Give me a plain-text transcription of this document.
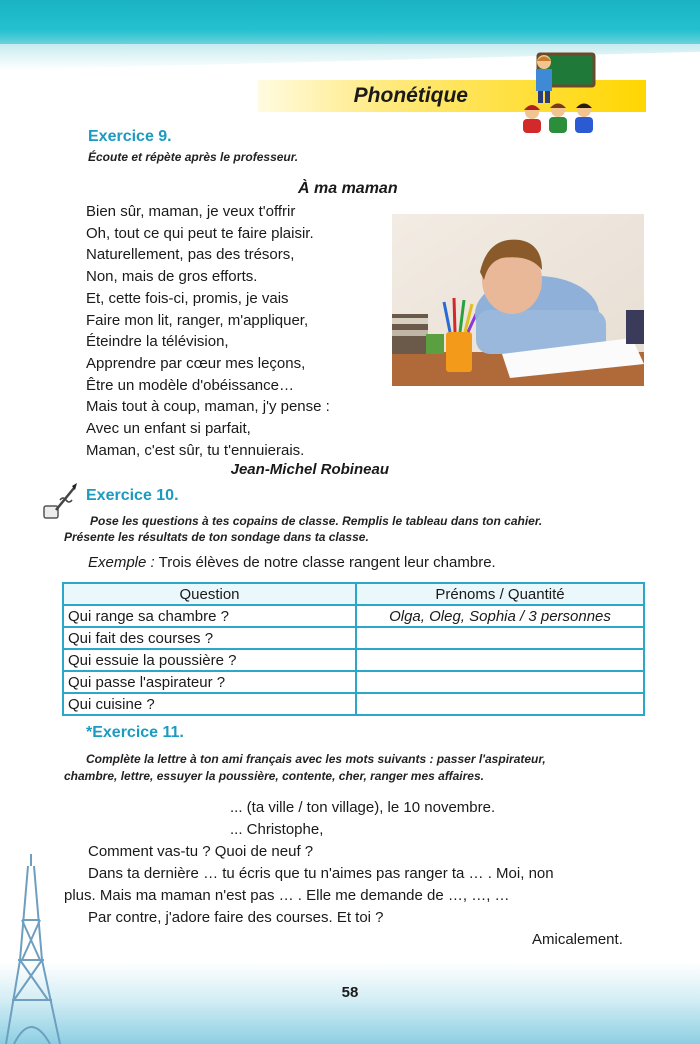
Phonétique
Exercice 9.
Écoute et répète après le professeur.
À ma maman
Bien sûr, maman, je veux t'offrir
Oh, tout ce qui peut te faire plaisir.
Naturellement, pas des trésors,
Non, mais de gros efforts.
Et, cette fois-ci, promis, je vais
Faire mon lit, ranger, m'appliquer,
Éteindre la télévision,
Apprendre par cœur mes leçons,
Être un modèle d'obéissance…
Mais tout à coup, maman, j'y pense :
Avec un enfant si parfait,
Maman, c'est sûr, tu t'ennuierais.
Jean-Michel Robineau
Exercice 10.
Pose les questions à tes copains de classe. Remplis le tableau dans ton cahier.
Présente les résultats de ton sondage dans ta classe.
Exemple : Trois élèves de notre classe rangent leur chambre.
Question	Prénoms / Quantité
Qui range sa chambre ?	Olga, Oleg, Sophia / 3 personnes
Qui fait des courses ?	
Qui essuie la poussière ?	
Qui passe l'aspirateur ?	
Qui cuisine ?	
*Exercice 11.
Complète la lettre à ton ami français avec les mots suivants : passer l'aspirateur,
chambre, lettre, essuyer la poussière, contente, cher, ranger mes affaires.
... (ta ville / ton village), le 10 novembre.
... Christophe,
Comment vas-tu ? Quoi de neuf ?
Dans ta dernière … tu écris que tu n'aimes pas ranger ta … . Moi, non
plus. Mais ma maman n'est pas … . Elle me demande de …, …, …
Par contre, j'adore faire des courses. Et toi ?
Amicalement.
58
